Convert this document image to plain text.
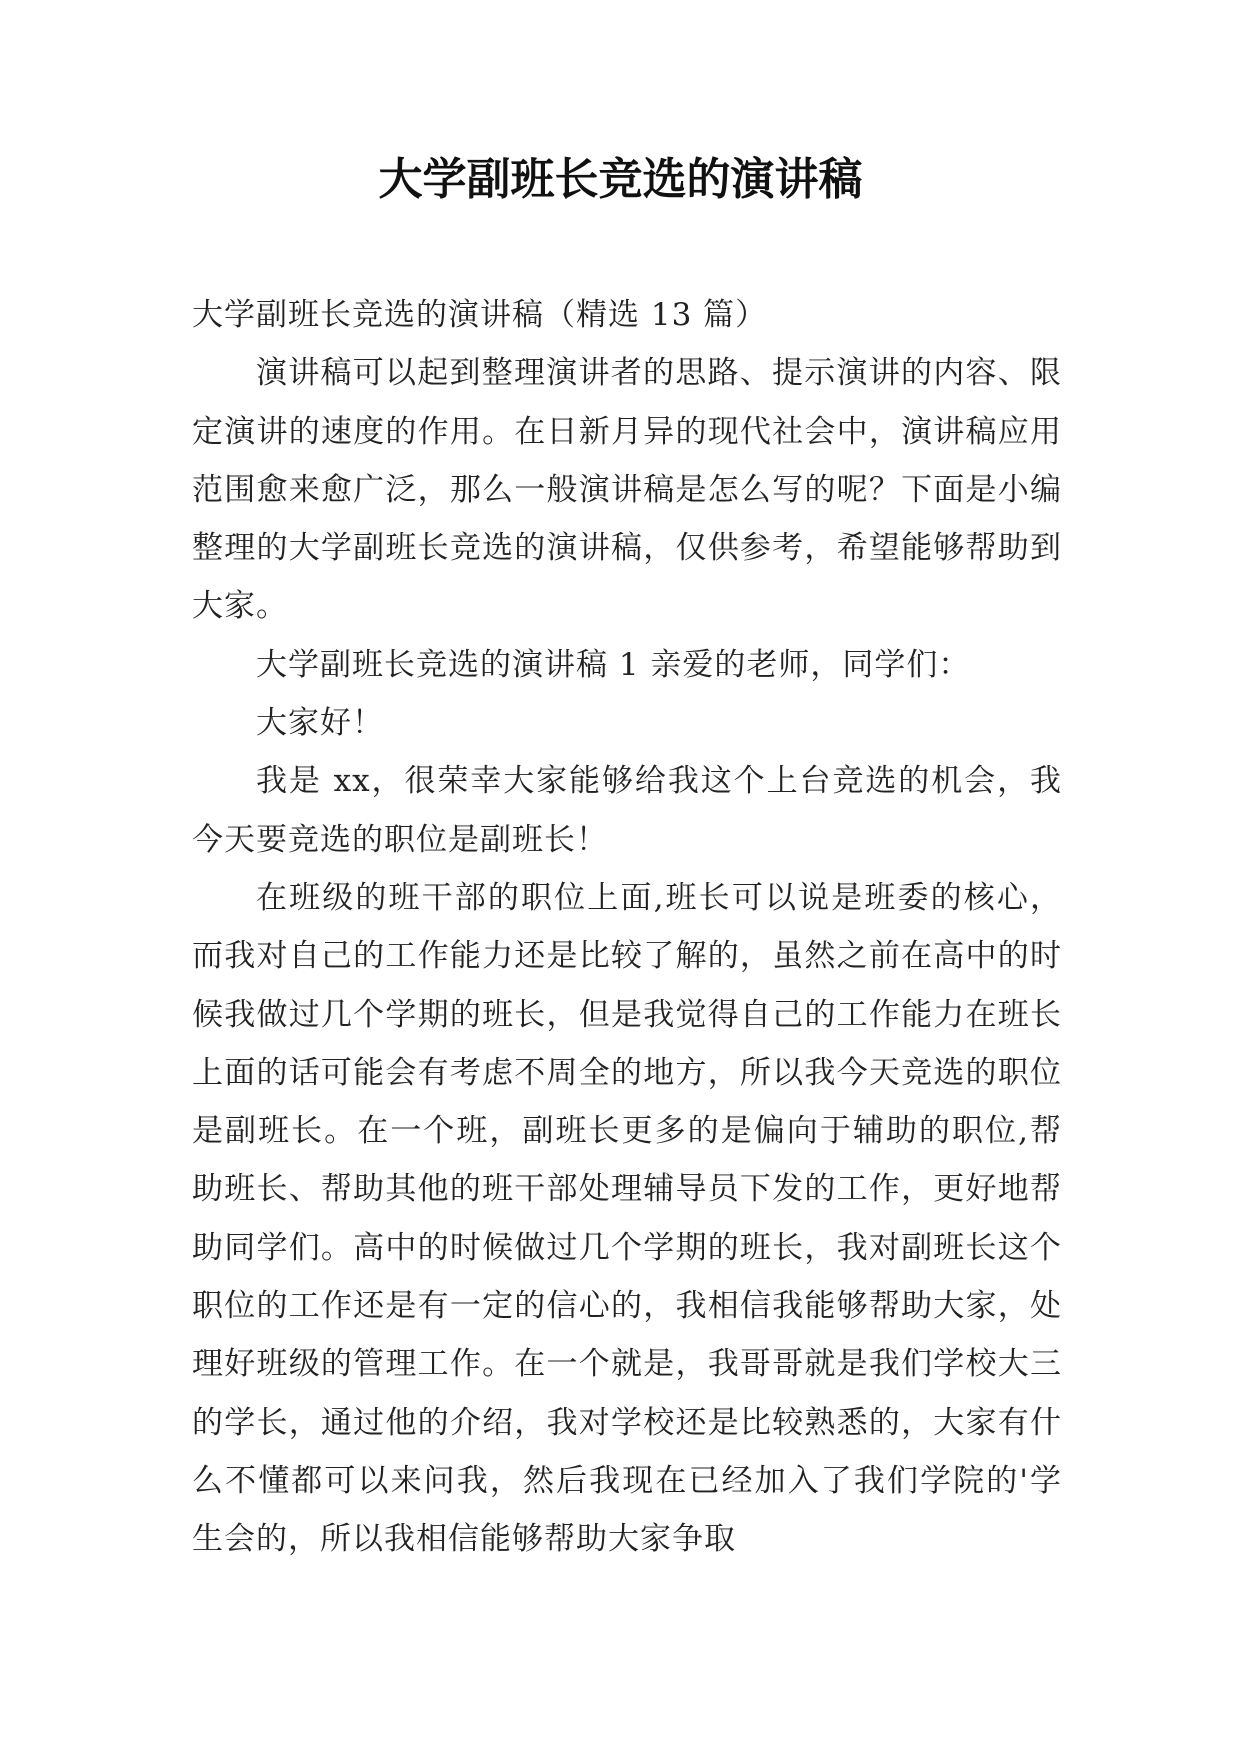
大学副班长竞选的演讲稿

大学副班长竞选的演讲稿（精选 13 篇）

演讲稿可以起到整理演讲者的思路、提示演讲的内容、限定演讲的速度的作用。在日新月异的现代社会中，演讲稿应用范围愈来愈广泛，那么一般演讲稿是怎么写的呢？下面是小编整理的大学副班长竞选的演讲稿，仅供参考，希望能够帮助到大家。

大学副班长竞选的演讲稿 1 亲爱的老师，同学们：

大家好！

我是 xx，很荣幸大家能够给我这个上台竞选的机会，我今天要竞选的职位是副班长！

在班级的班干部的职位上面,班长可以说是班委的核心，而我对自己的工作能力还是比较了解的，虽然之前在高中的时候我做过几个学期的班长，但是我觉得自己的工作能力在班长上面的话可能会有考虑不周全的地方，所以我今天竞选的职位是副班长。在一个班，副班长更多的是偏向于辅助的职位,帮助班长、帮助其他的班干部处理辅导员下发的工作，更好地帮助同学们。高中的时候做过几个学期的班长，我对副班长这个职位的工作还是有一定的信心的，我相信我能够帮助大家，处理好班级的管理工作。在一个就是，我哥哥就是我们学校大三的学长，通过他的介绍，我对学校还是比较熟悉的，大家有什么不懂都可以来问我，然后我现在已经加入了我们学院的'学生会的，所以我相信能够帮助大家争取
